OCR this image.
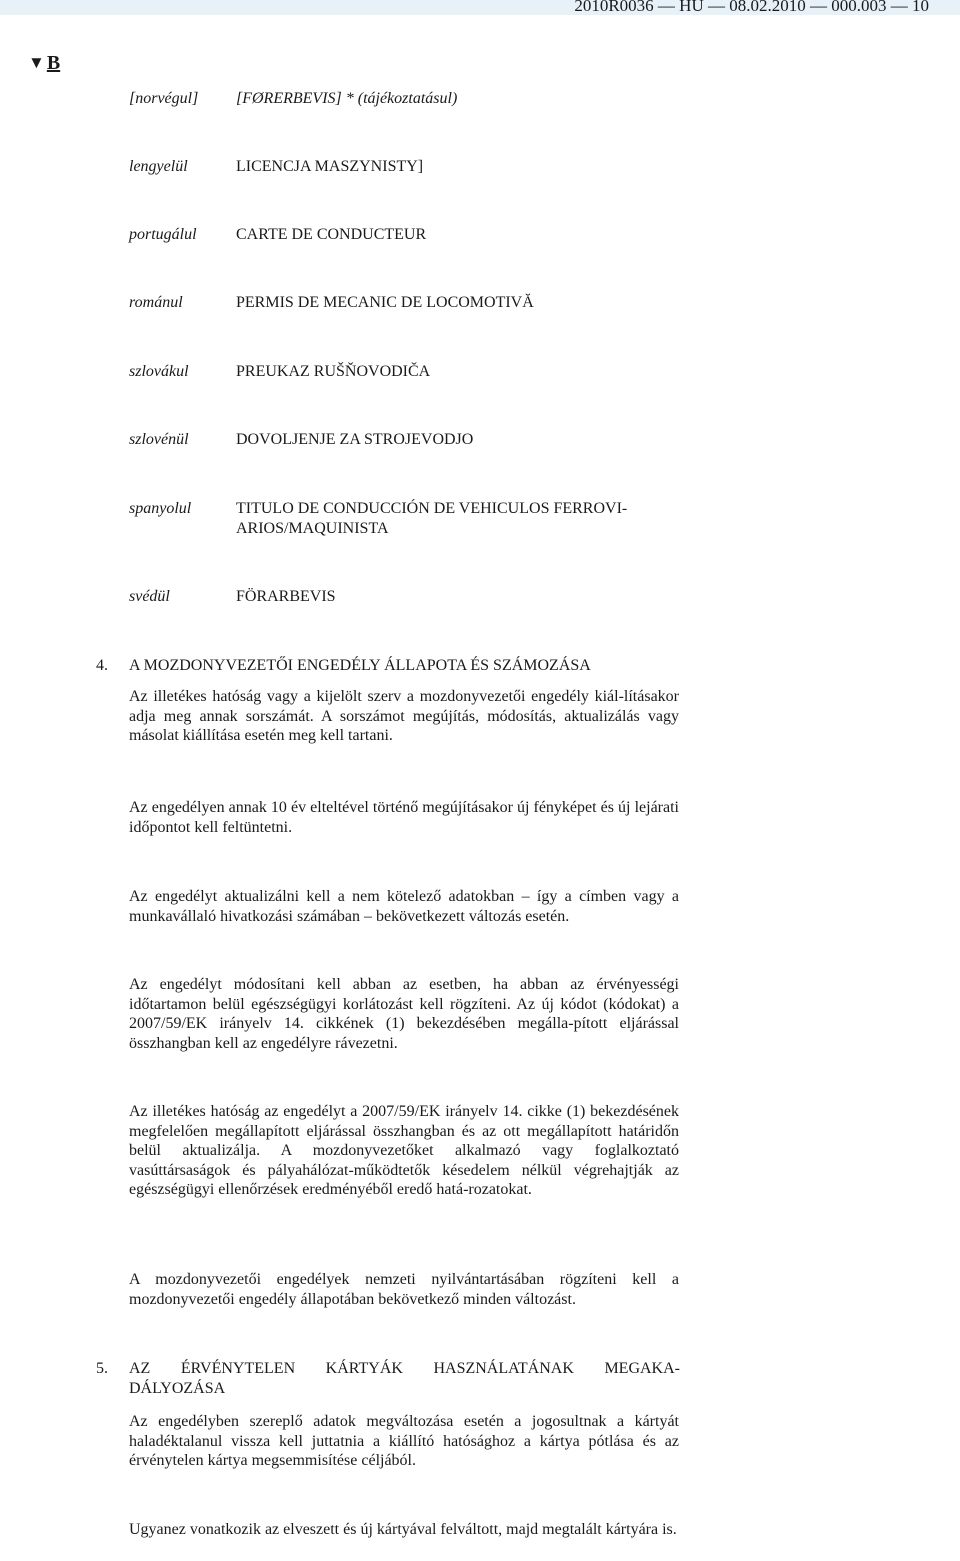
2010R0036 — HU — 08.02.2010 — 000.003 — 10
▼ B
[norvégul] [FØRERBEVIS] * (tájékoztatásul)
lengyelül	LICENCJA MASZYNISTY]
portugálul CARTE DE CONDUCTEUR
románul	PERMIS DE MECANIC DE LOCOMOTIVĂ
szlovákul	PREUKAZ RUŠŇOVODIČA
szlovénül	DOVOLJENJE ZA STROJEVODJO
spanyolul	TITULO DE CONDUCCIÓN DE VEHICULOS FERROVI-ARIOS/MAQUINISTA
svédül	FÖRARBEVIS
4. A MOZDONYVEZETŐI ENGEDÉLY ÁLLAPOTA ÉS SZÁMOZÁSA
Az illetékes hatóság vagy a kijelölt szerv a mozdonyvezetői engedély kiál-lításakor adja meg annak sorszámát. A sorszámot megújítás, módosítás, aktualizálás vagy másolat kiállítása esetén meg kell tartani.
Az engedélyen annak 10 év elteltével történő megújításakor új fényképet és új lejárati időpontot kell feltüntetni.
Az engedélyt aktualizálni kell a nem kötelező adatokban – így a címben vagy a munkavállaló hivatkozási számában – bekövetkezett változás esetén.
Az engedélyt módosítani kell abban az esetben, ha abban az érvényességi időtartamon belül egészségügyi korlátozást kell rögzíteni. Az új kódot (kódokat) a 2007/59/EK irányelv 14. cikkének (1) bekezdésében megálla-pított eljárással összhangban kell az engedélyre rávezetni.
Az illetékes hatóság az engedélyt a 2007/59/EK irányelv 14. cikke (1) bekezdésének megfelelően megállapított eljárással összhangban és az ott megállapított határidőn belül aktualizálja. A mozdonyvezetőket alkalmazó vagy foglalkoztató vasúttársaságok és pályahálózat-működtetők késedelem nélkül végrehajtják az egészségügyi ellenőrzések eredményéből eredő hatá-rozatokat.
A mozdonyvezetői engedélyek nemzeti nyilvántartásában rögzíteni kell a mozdonyvezetői engedély állapotában bekövetkező minden változást.
5. AZ ÉRVÉNYTELEN KÁRTYÁK HASZNÁLATÁNAK MEGAKA-
DÁLYOZÁSA
Az engedélyben szereplő adatok megváltozása esetén a jogosultnak a kártyát haladéktalanul vissza kell juttatnia a kiállító hatósághoz a kártya pótlása és az érvénytelen kártya megsemmisítése céljából.
Ugyanez vonatkozik az elveszett és új kártyával felváltott, majd megtalált kártyára is.
